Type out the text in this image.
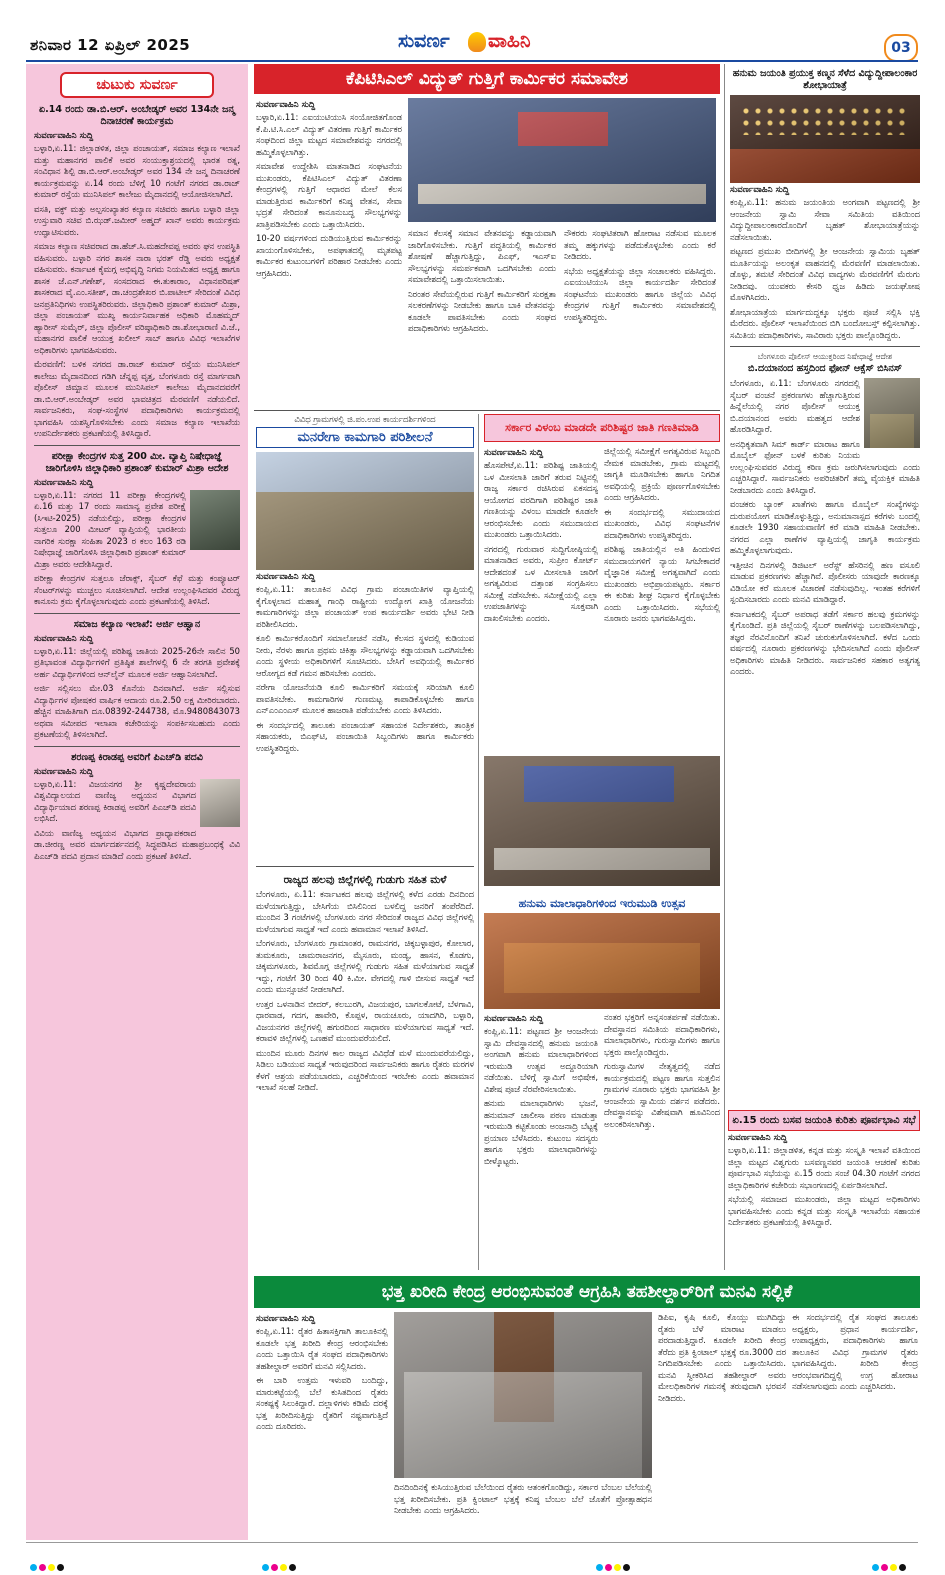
ಶನಿವಾರ 12 ಏಪ್ರಿಲ್ 2025	ಸುವರ್ಣ ವಾಹಿನಿ	03
ಚುಟುಕು ಸುವರ್ಣ
ಏ.14 ರಂದು ಡಾ.ಬಿ.ಆರ್. ಅಂಬೇಡ್ಕರ್ ಅವರ 134ನೇ ಜನ್ಮ ದಿನಾಚರಣೆ ಕಾರ್ಯಕ್ರಮ
ಸುವರ್ಣವಾಹಿನಿ ಸುದ್ದಿ

ಬಳ್ಳಾರಿ,ಏ.11: ಜಿಲ್ಲಾಡಳಿತ, ಜಿಲ್ಲಾ ಪಂಚಾಯತ್, ಸಮಾಜ ಕಲ್ಯಾಣ ಇಲಾಖೆ ಮತ್ತು ಮಹಾನಗರ ಪಾಲಿಕೆ ಅವರ ಸಂಯುಕ್ತಾಶ್ರಯದಲ್ಲಿ ಭಾರತ ರತ್ನ, ಸಂವಿಧಾನ ಶಿಲ್ಪಿ ಡಾ.ಬಿ.ಆರ್.ಅಂಬೇಡ್ಕರ್ ಅವರ 134 ನೇ ಜನ್ಮ ದಿನಾಚರಣೆ ಕಾರ್ಯಕ್ರಮವನ್ನು ಏ.14 ರಂದು ಬೆಳಿಗ್ಗೆ 10 ಗಂಟೆಗೆ ನಗರದ ಡಾ.ರಾಜ್ ಕುಮಾರ್ ರಸ್ತೆಯ ಮುನಿಸಿಪಲ್ ಕಾಲೇಜು ಮೈದಾನದಲ್ಲಿ ಆಯೋಜಿಸಲಾಗಿದೆ.

ವಸತಿ, ವಕ್ಫ್ ಮತ್ತು ಅಲ್ಪಸಂಖ್ಯಾತರ ಕಲ್ಯಾಣ ಸಚಿವರು ಹಾಗೂ ಬಳ್ಳಾರಿ ಜಿಲ್ಲಾ ಉಸ್ತುವಾರಿ ಸಚಿವ ಬಿ.ಝಡ್.ಜಮೀರ್ ಅಹ್ಮದ್ ಖಾನ್ ಅವರು ಕಾರ್ಯಕ್ರಮ ಉದ್ಘಾಟಿಸುವರು.

ಸಮಾಜ ಕಲ್ಯಾಣ ಸಚಿವರಾದ ಡಾ.ಹೆಚ್.ಸಿ.ಮಹದೇವಪ್ಪ ಅವರು ಘನ ಉಪಸ್ಥಿತಿ ವಹಿಸುವರು. ಬಳ್ಳಾರಿ ನಗರ ಶಾಸಕ ನಾರಾ ಭರತ್ ರೆಡ್ಡಿ ಅವರು ಅಧ್ಯಕ್ಷತೆ ವಹಿಸುವರು. ಕರ್ನಾಟಕ ಕೈಮಗ್ಗ ಅಭಿವೃದ್ಧಿ ನಿಗಮ ನಿಯಮಿತದ ಅಧ್ಯಕ್ಷ ಹಾಗೂ ಶಾಸಕ ಜೆ.ಎನ್.ಗಣೇಶ್, ಸಂಸದರಾದ ಈ.ತುಕಾರಾಂ, ವಿಧಾನಪರಿಷತ್ ಶಾಸಕರಾದ ವೈ.ಎಂ.ಸತೀಶ್, ಡಾ.ಚಂದ್ರಶೇಖರ ಬಿ.ಪಾಟೀಲ್ ಸೇರಿದಂತೆ ವಿವಿಧ ಜನಪ್ರತಿನಿಧಿಗಳು ಉಪಸ್ಥಿತರಿರುವರು. ಜಿಲ್ಲಾಧಿಕಾರಿ ಪ್ರಶಾಂತ್ ಕುಮಾರ್ ಮಿಶ್ರಾ, ಜಿಲ್ಲಾ ಪಂಚಾಯತ್ ಮುಖ್ಯ ಕಾರ್ಯನಿರ್ವಾಹಕ ಅಧಿಕಾರಿ ಮೊಹಮ್ಮದ್ ಹ್ಯಾರೀಸ್ ಸುಮೈರ್, ಜಿಲ್ಲಾ ಪೊಲೀಸ್ ವರಿಷ್ಠಾಧಿಕಾರಿ ಡಾ.ಶೋಭಾರಾಣಿ ವಿ.ಜೆ., ಮಹಾನಗರ ಪಾಲಿಕೆ ಆಯುಕ್ತ ಖಲೀಲ್ ಸಾಬ್ ಹಾಗೂ ವಿವಿಧ ಇಲಾಖೆಗಳ ಅಧಿಕಾರಿಗಳು ಭಾಗವಹಿಸುವರು.

ಮೆರವಣಿಗೆ: ಬಳಿಕ ನಗರದ ಡಾ.ರಾಜ್ ಕುಮಾರ್ ರಸ್ತೆಯ ಮುನಿಸಿಪಲ್ ಕಾಲೇಜು ಮೈದಾನದಿಂದ ಗಡಿಗಿ ಚೆನ್ನಪ್ಪ ವೃತ್ತ, ಬೆಂಗಳೂರು ರಸ್ತೆ ಮಾರ್ಗವಾಗಿ ಪೊಲೀಸ್ ಜಿಮ್ಖಾನ ಮೂಲಕ ಮುನಿಸಿಪಲ್ ಕಾಲೇಜು ಮೈದಾನದವರೆಗೆ ಡಾ.ಬಿ.ಆರ್.ಅಂಬೇಡ್ಕರ್ ಅವರ ಭಾವಚಿತ್ರದ ಮೆರವಣಿಗೆ ನಡೆಯಲಿದೆ. ಸಾರ್ವಜನಿಕರು, ಸಂಘ-ಸಂಸ್ಥೆಗಳ ಪದಾಧಿಕಾರಿಗಳು ಕಾರ್ಯಕ್ರಮದಲ್ಲಿ ಭಾಗವಹಿಸಿ ಯಶಸ್ವಿಗೊಳಿಸಬೇಕು ಎಂದು ಸಮಾಜ ಕಲ್ಯಾಣ ಇಲಾಖೆಯ ಉಪನಿರ್ದೇಶಕರು ಪ್ರಕಟಣೆಯಲ್ಲಿ ತಿಳಿಸಿದ್ದಾರೆ.

ಪರೀಕ್ಷಾ ಕೇಂದ್ರಗಳ ಸುತ್ತ 200 ಮೀ. ವ್ಯಾಪ್ತಿ ನಿಷೇಧಾಜ್ಞೆ ಜಾರಿಗೊಳಿಸಿ ಜಿಲ್ಲಾಧಿಕಾರಿ ಪ್ರಶಾಂತ್ ಕುಮಾರ್ ಮಿಶ್ರಾ ಆದೇಶ
ಸುವರ್ಣವಾಹಿನಿ ಸುದ್ದಿ

ಬಳ್ಳಾರಿ,ಏ.11: ನಗರದ 11 ಪರೀಕ್ಷಾ ಕೇಂದ್ರಗಳಲ್ಲಿ ಏ.16 ಮತ್ತು 17 ರಂದು ಸಾಮಾನ್ಯ ಪ್ರವೇಶ ಪರೀಕ್ಷೆ (ಸಿಇಟಿ-2025) ನಡೆಯಲಿದ್ದು, ಪರೀಕ್ಷಾ ಕೇಂದ್ರಗಳ ಸುತ್ತಲೂ 200 ಮೀಟರ್ ವ್ಯಾಪ್ತಿಯಲ್ಲಿ ಭಾರತೀಯ ನಾಗರಿಕ ಸುರಕ್ಷಾ ಸಂಹಿತಾ 2023 ರ ಕಲಂ 163 ರಡಿ ನಿಷೇಧಾಜ್ಞೆ ಜಾರಿಗೊಳಿಸಿ ಜಿಲ್ಲಾಧಿಕಾರಿ ಪ್ರಶಾಂತ್ ಕುಮಾರ್ ಮಿಶ್ರಾ ಅವರು ಆದೇಶಿಸಿದ್ದಾರೆ.

ಪರೀಕ್ಷಾ ಕೇಂದ್ರಗಳ ಸುತ್ತಲೂ ಜೆರಾಕ್ಸ್, ಸೈಬರ್ ಕೆಫೆ ಮತ್ತು ಕಂಪ್ಯೂಟರ್ ಸೆಂಟರ್‌ಗಳನ್ನು ಮುಚ್ಚಲು ಸೂಚಿಸಲಾಗಿದೆ. ಆದೇಶ ಉಲ್ಲಂಘಿಸಿದವರ ವಿರುದ್ಧ ಕಾನೂನು ಕ್ರಮ ಕೈಗೊಳ್ಳಲಾಗುವುದು ಎಂದು ಪ್ರಕಟಣೆಯಲ್ಲಿ ತಿಳಿಸಿದೆ.

ಸಮಾಜ ಕಲ್ಯಾಣ ಇಲಾಖೆ: ಅರ್ಜಿ ಆಹ್ವಾನ
ಸುವರ್ಣವಾಹಿನಿ ಸುದ್ದಿ

ಬಳ್ಳಾರಿ,ಏ.11: ಜಿಲ್ಲೆಯಲ್ಲಿ ಪರಿಶಿಷ್ಟ ಜಾತಿಯ 2025-26ನೇ ಸಾಲಿನ 50 ಪ್ರತಿಭಾವಂತ ವಿದ್ಯಾರ್ಥಿಗಳಿಗೆ ಪ್ರತಿಷ್ಠಿತ ಶಾಲೆಗಳಲ್ಲಿ 6 ನೇ ತರಗತಿ ಪ್ರವೇಶಕ್ಕೆ ಅರ್ಹ ವಿದ್ಯಾರ್ಥಿಗಳಿಂದ ಆನ್‌ಲೈನ್ ಮೂಲಕ ಅರ್ಜಿ ಆಹ್ವಾನಿಸಲಾಗಿದೆ.

ಅರ್ಜಿ ಸಲ್ಲಿಸಲು ಮೇ.03 ಕೊನೆಯ ದಿನವಾಗಿದೆ. ಅರ್ಜಿ ಸಲ್ಲಿಸುವ ವಿದ್ಯಾರ್ಥಿಗಳ ಪೋಷಕರ ವಾರ್ಷಿಕ ಆದಾಯ ರೂ.2.50 ಲಕ್ಷ ಮೀರಿರಬಾರದು. ಹೆಚ್ಚಿನ ಮಾಹಿತಿಗಾಗಿ ದೂ.08392-244738, ಮೊ.9480843073 ಅಥವಾ ಸಮೀಪದ ಇಲಾಖಾ ಕಚೇರಿಯನ್ನು ಸಂಪರ್ಕಿಸಬಹುದು ಎಂದು ಪ್ರಕಟಣೆಯಲ್ಲಿ ತಿಳಿಸಲಾಗಿದೆ.

ಶರಣಪ್ಪ ಕಿರಾಡಪ್ಪ ಅವರಿಗೆ ಪಿಎಚ್‌ಡಿ ಪದವಿ
ಸುವರ್ಣವಾಹಿನಿ ಸುದ್ದಿ

ಬಳ್ಳಾರಿ,ಏ.11: ವಿಜಯನಗರ ಶ್ರೀ ಕೃಷ್ಣದೇವರಾಯ ವಿಶ್ವವಿದ್ಯಾಲಯದ ವಾಣಿಜ್ಯ ಅಧ್ಯಯನ ವಿಭಾಗದ ವಿದ್ಯಾರ್ಥಿಯಾದ ಶರಣಪ್ಪ ಕಿರಾಡಪ್ಪ ಅವರಿಗೆ ಪಿಎಚ್‌ಡಿ ಪದವಿ ಲಭಿಸಿದೆ.

ವಿವಿಯ ವಾಣಿಜ್ಯ ಅಧ್ಯಯನ ವಿಭಾಗದ ಪ್ರಾಧ್ಯಾಪಕರಾದ ಡಾ.ಜೀರಣ್ಣ ಅವರ ಮಾರ್ಗದರ್ಶನದಲ್ಲಿ ಸಿದ್ಧಪಡಿಸಿದ ಮಹಾಪ್ರಬಂಧಕ್ಕೆ ವಿವಿ ಪಿಎಚ್‌ಡಿ ಪದವಿ ಪ್ರದಾನ ಮಾಡಿದೆ ಎಂದು ಪ್ರಕಟಣೆ ತಿಳಿಸಿದೆ.

ಕೆಪಿಟಿಸಿಎಲ್ ವಿದ್ಯುತ್ ಗುತ್ತಿಗೆ ಕಾರ್ಮಿಕರ ಸಮಾವೇಶ
ಸುವರ್ಣವಾಹಿನಿ ಸುದ್ದಿ

ಬಳ್ಳಾರಿ,ಏ.11: ಎಐಯುಟಿಯುಸಿ ಸಂಯೋಜಿತಗೊಂಡ ಕೆ.ಪಿ.ಟಿ.ಸಿ.ಎಲ್ ವಿದ್ಯುತ್ ವಿತರಣಾ ಗುತ್ತಿಗೆ ಕಾರ್ಮಿಕರ ಸಂಘದಿಂದ ಜಿಲ್ಲಾ ಮಟ್ಟದ ಸಮಾವೇಶವನ್ನು ನಗರದಲ್ಲಿ ಹಮ್ಮಿಕೊಳ್ಳಲಾಗಿತ್ತು.

ಸಮಾವೇಶ ಉದ್ದೇಶಿಸಿ ಮಾತನಾಡಿದ ಸಂಘಟನೆಯ ಮುಖಂಡರು, ಕೆಪಿಟಿಸಿಎಲ್ ವಿದ್ಯುತ್ ವಿತರಣಾ ಕೇಂದ್ರಗಳಲ್ಲಿ ಗುತ್ತಿಗೆ ಆಧಾರದ ಮೇಲೆ ಕೆಲಸ ಮಾಡುತ್ತಿರುವ ಕಾರ್ಮಿಕರಿಗೆ ಕನಿಷ್ಠ ವೇತನ, ಸೇವಾ ಭದ್ರತೆ ಸೇರಿದಂತೆ ಕಾನೂನುಬದ್ಧ ಸೌಲಭ್ಯಗಳನ್ನು ಖಾತ್ರಿಪಡಿಸಬೇಕು ಎಂದು ಒತ್ತಾಯಿಸಿದರು.

10-20 ವರ್ಷಗಳಿಂದ ದುಡಿಯುತ್ತಿರುವ ಕಾರ್ಮಿಕರನ್ನು ಖಾಯಂಗೊಳಿಸಬೇಕು, ಅಪಘಾತದಲ್ಲಿ ಮೃತಪಟ್ಟ ಕಾರ್ಮಿಕರ ಕುಟುಂಬಗಳಿಗೆ ಪರಿಹಾರ ನೀಡಬೇಕು ಎಂದು ಆಗ್ರಹಿಸಿದರು.

ಸಮಾನ ಕೆಲಸಕ್ಕೆ ಸಮಾನ ವೇತನವನ್ನು ಕಡ್ಡಾಯವಾಗಿ ಜಾರಿಗೊಳಿಸಬೇಕು. ಗುತ್ತಿಗೆ ಪದ್ಧತಿಯಲ್ಲಿ ಕಾರ್ಮಿಕರ ಶೋಷಣೆ ಹೆಚ್ಚಾಗುತ್ತಿದ್ದು, ಪಿಎಫ್, ಇಎಸ್‌ಐ ಸೌಲಭ್ಯಗಳನ್ನು ಸಮರ್ಪಕವಾಗಿ ಒದಗಿಸಬೇಕು ಎಂದು ಸಮಾವೇಶದಲ್ಲಿ ಒತ್ತಾಯಿಸಲಾಯಿತು.

ನಿರಂತರ ಸೇವೆಯಲ್ಲಿರುವ ಗುತ್ತಿಗೆ ಕಾರ್ಮಿಕರಿಗೆ ಸುರಕ್ಷತಾ ಸಲಕರಣೆಗಳನ್ನು ನೀಡಬೇಕು ಹಾಗೂ ಬಾಕಿ ವೇತನವನ್ನು ಕೂಡಲೇ ಪಾವತಿಸಬೇಕು ಎಂದು ಸಂಘದ ಪದಾಧಿಕಾರಿಗಳು ಆಗ್ರಹಿಸಿದರು.

ನೌಕರರು ಸಂಘಟಿತರಾಗಿ ಹೋರಾಟ ನಡೆಸುವ ಮೂಲಕ ತಮ್ಮ ಹಕ್ಕುಗಳನ್ನು ಪಡೆದುಕೊಳ್ಳಬೇಕು ಎಂದು ಕರೆ ನೀಡಿದರು.

ಸಭೆಯ ಅಧ್ಯಕ್ಷತೆಯನ್ನು ಜಿಲ್ಲಾ ಸಂಚಾಲಕರು ವಹಿಸಿದ್ದರು. ಎಐಯುಟಿಯುಸಿ ಜಿಲ್ಲಾ ಕಾರ್ಯದರ್ಶಿ ಸೇರಿದಂತೆ ಸಂಘಟನೆಯ ಮುಖಂಡರು ಹಾಗೂ ಜಿಲ್ಲೆಯ ವಿವಿಧ ಕೇಂದ್ರಗಳ ಗುತ್ತಿಗೆ ಕಾರ್ಮಿಕರು ಸಮಾವೇಶದಲ್ಲಿ ಉಪಸ್ಥಿತರಿದ್ದರು.

ವಿವಿಧ ಗ್ರಾಮಗಳಲ್ಲಿ ಜಿ.ಪಂ.ಉಪ ಕಾರ್ಯದರ್ಶಿಗಳಿಂದ
ಮನರೇಗಾ ಕಾಮಗಾರಿ ಪರಿಶೀಲನೆ
ಸುವರ್ಣವಾಹಿನಿ ಸುದ್ದಿ

ಕಂಪ್ಲಿ,ಏ.11: ತಾಲೂಕಿನ ವಿವಿಧ ಗ್ರಾಮ ಪಂಚಾಯಿತಿಗಳ ವ್ಯಾಪ್ತಿಯಲ್ಲಿ ಕೈಗೊಳ್ಳಲಾದ ಮಹಾತ್ಮ ಗಾಂಧಿ ರಾಷ್ಟ್ರೀಯ ಉದ್ಯೋಗ ಖಾತ್ರಿ ಯೋಜನೆಯ ಕಾಮಗಾರಿಗಳನ್ನು ಜಿಲ್ಲಾ ಪಂಚಾಯತ್ ಉಪ ಕಾರ್ಯದರ್ಶಿ ಅವರು ಭೇಟಿ ನೀಡಿ ಪರಿಶೀಲಿಸಿದರು.

ಕೂಲಿ ಕಾರ್ಮಿಕರೊಂದಿಗೆ ಸಮಾಲೋಚನೆ ನಡೆಸಿ, ಕೆಲಸದ ಸ್ಥಳದಲ್ಲಿ ಕುಡಿಯುವ ನೀರು, ನೆರಳು ಹಾಗೂ ಪ್ರಥಮ ಚಿಕಿತ್ಸಾ ಸೌಲಭ್ಯಗಳನ್ನು ಕಡ್ಡಾಯವಾಗಿ ಒದಗಿಸಬೇಕು ಎಂದು ಸ್ಥಳೀಯ ಅಧಿಕಾರಿಗಳಿಗೆ ಸೂಚಿಸಿದರು. ಬೇಸಿಗೆ ಅವಧಿಯಲ್ಲಿ ಕಾರ್ಮಿಕರ ಆರೋಗ್ಯದ ಕಡೆ ಗಮನ ಹರಿಸಬೇಕು ಎಂದರು.

ನರೇಗಾ ಯೋಜನೆಯಡಿ ಕೂಲಿ ಕಾರ್ಮಿಕರಿಗೆ ಸಮಯಕ್ಕೆ ಸರಿಯಾಗಿ ಕೂಲಿ ಪಾವತಿಸಬೇಕು. ಕಾಮಗಾರಿಗಳ ಗುಣಮಟ್ಟ ಕಾಪಾಡಿಕೊಳ್ಳಬೇಕು ಹಾಗೂ ಎನ್‌ಎಂಎಂಎಸ್ ಮೂಲಕ ಹಾಜರಾತಿ ಪಡೆಯಬೇಕು ಎಂದು ತಿಳಿಸಿದರು.

ಈ ಸಂದರ್ಭದಲ್ಲಿ ತಾಲೂಕು ಪಂಚಾಯತ್ ಸಹಾಯಕ ನಿರ್ದೇಶಕರು, ತಾಂತ್ರಿಕ ಸಹಾಯಕರು, ಬಿಎಫ್‌ಟಿ, ಪಂಚಾಯಿತಿ ಸಿಬ್ಬಂದಿಗಳು ಹಾಗೂ ಕಾರ್ಮಿಕರು ಉಪಸ್ಥಿತರಿದ್ದರು.

ರಾಜ್ಯದ ಹಲವು ಜಿಲ್ಲೆಗಳಲ್ಲಿ ಗುಡುಗು ಸಹಿತ ಮಳೆ

ಬೆಂಗಳೂರು, ಏ.11: ಕರ್ನಾಟಕದ ಹಲವು ಜಿಲ್ಲೆಗಳಲ್ಲಿ ಕಳೆದ ಎರಡು ದಿನದಿಂದ ಮಳೆಯಾಗುತ್ತಿದ್ದು, ಬೇಸಿಗೆಯ ಬಿಸಿಲಿನಿಂದ ಬಳಲಿದ್ದ ಜನರಿಗೆ ತಂಪೆರೆದಿದೆ. ಮುಂದಿನ 3 ಗಂಟೆಗಳಲ್ಲಿ ಬೆಂಗಳೂರು ನಗರ ಸೇರಿದಂತೆ ರಾಜ್ಯದ ವಿವಿಧ ಜಿಲ್ಲೆಗಳಲ್ಲಿ ಮಳೆಯಾಗುವ ಸಾಧ್ಯತೆ ಇದೆ ಎಂದು ಹವಾಮಾನ ಇಲಾಖೆ ತಿಳಿಸಿದೆ.

ಬೆಂಗಳೂರು, ಬೆಂಗಳೂರು ಗ್ರಾಮಾಂತರ, ರಾಮನಗರ, ಚಿಕ್ಕಬಳ್ಳಾಪುರ, ಕೋಲಾರ, ತುಮಕೂರು, ಚಾಮರಾಜನಗರ, ಮೈಸೂರು, ಮಂಡ್ಯ, ಹಾಸನ, ಕೊಡಗು, ಚಿಕ್ಕಮಗಳೂರು, ಶಿವಮೊಗ್ಗ ಜಿಲ್ಲೆಗಳಲ್ಲಿ ಗುಡುಗು ಸಹಿತ ಮಳೆಯಾಗುವ ಸಾಧ್ಯತೆ ಇದ್ದು, ಗಂಟೆಗೆ 30 ರಿಂದ 40 ಕಿ.ಮೀ. ವೇಗದಲ್ಲಿ ಗಾಳಿ ಬೀಸುವ ಸಾಧ್ಯತೆ ಇದೆ ಎಂದು ಮುನ್ಸೂಚನೆ ನೀಡಲಾಗಿದೆ.

ಉತ್ತರ ಒಳನಾಡಿನ ಬೀದರ್, ಕಲಬುರಗಿ, ವಿಜಯಪುರ, ಬಾಗಲಕೋಟೆ, ಬೆಳಗಾವಿ, ಧಾರವಾಡ, ಗದಗ, ಹಾವೇರಿ, ಕೊಪ್ಪಳ, ರಾಯಚೂರು, ಯಾದಗಿರಿ, ಬಳ್ಳಾರಿ, ವಿಜಯನಗರ ಜಿಲ್ಲೆಗಳಲ್ಲಿ ಹಗುರದಿಂದ ಸಾಧಾರಣ ಮಳೆಯಾಗುವ ಸಾಧ್ಯತೆ ಇದೆ. ಕರಾವಳಿ ಜಿಲ್ಲೆಗಳಲ್ಲಿ ಒಣಹವೆ ಮುಂದುವರೆಯಲಿದೆ.

ಮುಂದಿನ ಮೂರು ದಿನಗಳ ಕಾಲ ರಾಜ್ಯದ ವಿವಿಧೆಡೆ ಮಳೆ ಮುಂದುವರೆಯಲಿದ್ದು, ಸಿಡಿಲು ಬಡಿಯುವ ಸಾಧ್ಯತೆ ಇರುವುದರಿಂದ ಸಾರ್ವಜನಿಕರು ಹಾಗೂ ರೈತರು ಮರಗಳ ಕೆಳಗೆ ಆಶ್ರಯ ಪಡೆಯಬಾರದು, ಎಚ್ಚರಿಕೆಯಿಂದ ಇರಬೇಕು ಎಂದು ಹವಾಮಾನ ಇಲಾಖೆ ಸಲಹೆ ನೀಡಿದೆ.

ಸರ್ಕಾರ ವಿಳಂಬ ಮಾಡದೇ ಪರಿಶಿಷ್ಟರ ಜಾತಿ ಗಣತಿಮಾಡಿ
ಸುವರ್ಣವಾಹಿನಿ ಸುದ್ದಿ

ಹೊಸಪೇಟೆ,ಏ.11: ಪರಿಶಿಷ್ಟ ಜಾತಿಯಲ್ಲಿ ಒಳ ಮೀಸಲಾತಿ ಜಾರಿಗೆ ತರುವ ನಿಟ್ಟಿನಲ್ಲಿ ರಾಜ್ಯ ಸರ್ಕಾರ ರಚಿಸಿರುವ ಏಕಸದಸ್ಯ ಆಯೋಗದ ವರದಿಗಾಗಿ ಪರಿಶಿಷ್ಟರ ಜಾತಿ ಗಣತಿಯನ್ನು ವಿಳಂಬ ಮಾಡದೇ ಕೂಡಲೇ ಆರಂಭಿಸಬೇಕು ಎಂದು ಸಮುದಾಯದ ಮುಖಂಡರು ಒತ್ತಾಯಿಸಿದರು.

ನಗರದಲ್ಲಿ ಗುರುವಾರ ಸುದ್ದಿಗೋಷ್ಠಿಯಲ್ಲಿ ಮಾತನಾಡಿದ ಅವರು, ಸುಪ್ರೀಂ ಕೋರ್ಟ್ ಆದೇಶದಂತೆ ಒಳ ಮೀಸಲಾತಿ ಜಾರಿಗೆ ಅಗತ್ಯವಿರುವ ದತ್ತಾಂಶ ಸಂಗ್ರಹಿಸಲು ಸಮೀಕ್ಷೆ ನಡೆಸಬೇಕು. ಸಮೀಕ್ಷೆಯಲ್ಲಿ ಎಲ್ಲಾ ಉಪಜಾತಿಗಳನ್ನು ಸೂಕ್ತವಾಗಿ ದಾಖಲಿಸಬೇಕು ಎಂದರು.

ಜಿಲ್ಲೆಯಲ್ಲಿ ಸಮೀಕ್ಷೆಗೆ ಅಗತ್ಯವಿರುವ ಸಿಬ್ಬಂದಿ ನೇಮಕ ಮಾಡಬೇಕು, ಗ್ರಾಮ ಮಟ್ಟದಲ್ಲಿ ಜಾಗೃತಿ ಮೂಡಿಸಬೇಕು ಹಾಗೂ ನಿಗದಿತ ಅವಧಿಯಲ್ಲಿ ಪ್ರಕ್ರಿಯೆ ಪೂರ್ಣಗೊಳಿಸಬೇಕು ಎಂದು ಆಗ್ರಹಿಸಿದರು.

ಈ ಸಂದರ್ಭದಲ್ಲಿ ಸಮುದಾಯದ ಮುಖಂಡರು, ವಿವಿಧ ಸಂಘಟನೆಗಳ ಪದಾಧಿಕಾರಿಗಳು ಉಪಸ್ಥಿತರಿದ್ದರು.

ಪರಿಶಿಷ್ಟ ಜಾತಿಯಲ್ಲಿನ ಅತಿ ಹಿಂದುಳಿದ ಸಮುದಾಯಗಳಿಗೆ ನ್ಯಾಯ ಸಿಗಬೇಕಾದರೆ ವೈಜ್ಞಾನಿಕ ಸಮೀಕ್ಷೆ ಅಗತ್ಯವಾಗಿದೆ ಎಂದು ಮುಖಂಡರು ಅಭಿಪ್ರಾಯಪಟ್ಟರು. ಸರ್ಕಾರ ಈ ಕುರಿತು ಶೀಘ್ರ ನಿರ್ಧಾರ ಕೈಗೊಳ್ಳಬೇಕು ಎಂದು ಒತ್ತಾಯಿಸಿದರು. ಸಭೆಯಲ್ಲಿ ನೂರಾರು ಜನರು ಭಾಗವಹಿಸಿದ್ದರು.

ಹನುಮ ಮಾಲಾಧಾರಿಗಳಿಂದ ಇರುಮುಡಿ ಉತ್ಸವ
ಸುವರ್ಣವಾಹಿನಿ ಸುದ್ದಿ

ಕಂಪ್ಲಿ,ಏ.11: ಪಟ್ಟಣದ ಶ್ರೀ ಆಂಜನೇಯ ಸ್ವಾಮಿ ದೇವಸ್ಥಾನದಲ್ಲಿ ಹನುಮ ಜಯಂತಿ ಅಂಗವಾಗಿ ಹನುಮ ಮಾಲಾಧಾರಿಗಳಿಂದ ಇರುಮುಡಿ ಉತ್ಸವ ಅದ್ದೂರಿಯಾಗಿ ನಡೆಯಿತು. ಬೆಳಿಗ್ಗೆ ಸ್ವಾಮಿಗೆ ಅಭಿಷೇಕ, ವಿಶೇಷ ಪೂಜೆ ನೆರವೇರಿಸಲಾಯಿತು.

ಹನುಮ ಮಾಲಾಧಾರಿಗಳು ಭಜನೆ, ಹನುಮಾನ್ ಚಾಲೀಸಾ ಪಠಣ ಮಾಡುತ್ತಾ ಇರುಮುಡಿ ಕಟ್ಟಿಕೊಂಡು ಅಂಜನಾದ್ರಿ ಬೆಟ್ಟಕ್ಕೆ ಪ್ರಯಾಣ ಬೆಳೆಸಿದರು. ಕುಟುಂಬ ಸದಸ್ಯರು ಹಾಗೂ ಭಕ್ತರು ಮಾಲಾಧಾರಿಗಳನ್ನು ಬೀಳ್ಕೊಟ್ಟರು.

ನಂತರ ಭಕ್ತರಿಗೆ ಅನ್ನಸಂತರ್ಪಣೆ ನಡೆಯಿತು. ದೇವಸ್ಥಾನದ ಸಮಿತಿಯ ಪದಾಧಿಕಾರಿಗಳು, ಮಾಲಾಧಾರಿಗಳು, ಗುರುಸ್ವಾಮಿಗಳು ಹಾಗೂ ಭಕ್ತರು ಪಾಲ್ಗೊಂಡಿದ್ದರು.

ಗುರುಸ್ವಾಮಿಗಳ ನೇತೃತ್ವದಲ್ಲಿ ನಡೆದ ಕಾರ್ಯಕ್ರಮದಲ್ಲಿ ಪಟ್ಟಣ ಹಾಗೂ ಸುತ್ತಲಿನ ಗ್ರಾಮಗಳ ನೂರಾರು ಭಕ್ತರು ಭಾಗವಹಿಸಿ ಶ್ರೀ ಆಂಜನೇಯ ಸ್ವಾಮಿಯ ದರ್ಶನ ಪಡೆದರು. ದೇವಸ್ಥಾನವನ್ನು ವಿಶೇಷವಾಗಿ ಹೂವಿನಿಂದ ಅಲಂಕರಿಸಲಾಗಿತ್ತು.

ಹನುಮ ಜಯಂತಿ ಪ್ರಯುಕ್ತ ಕಣ್ಮನ ಸೆಳೆದ ವಿದ್ಯುದ್ದೀಪಾಲಂಕಾರ ಶೋಭಾಯಾತ್ರೆ
ಸುವರ್ಣವಾಹಿನಿ ಸುದ್ದಿ

ಕಂಪ್ಲಿ,ಏ.11: ಹನುಮ ಜಯಂತಿಯ ಅಂಗವಾಗಿ ಪಟ್ಟಣದಲ್ಲಿ ಶ್ರೀ ಆಂಜನೇಯ ಸ್ವಾಮಿ ಸೇವಾ ಸಮಿತಿಯ ವತಿಯಿಂದ ವಿದ್ಯುದ್ದೀಪಾಲಂಕಾರದೊಂದಿಗೆ ಬೃಹತ್ ಶೋಭಾಯಾತ್ರೆಯನ್ನು ನಡೆಸಲಾಯಿತು.

ಪಟ್ಟಣದ ಪ್ರಮುಖ ಬೀದಿಗಳಲ್ಲಿ ಶ್ರೀ ಆಂಜನೇಯ ಸ್ವಾಮಿಯ ಬೃಹತ್ ಮೂರ್ತಿಯನ್ನು ಅಲಂಕೃತ ವಾಹನದಲ್ಲಿ ಮೆರವಣಿಗೆ ಮಾಡಲಾಯಿತು. ಡೊಳ್ಳು, ತಮಟೆ ಸೇರಿದಂತೆ ವಿವಿಧ ವಾದ್ಯಗಳು ಮೆರವಣಿಗೆಗೆ ಮೆರುಗು ನೀಡಿದವು. ಯುವಕರು ಕೇಸರಿ ಧ್ವಜ ಹಿಡಿದು ಜಯಘೋಷ ಮೊಳಗಿಸಿದರು.

ಶೋಭಾಯಾತ್ರೆಯ ಮಾರ್ಗದುದ್ದಕ್ಕೂ ಭಕ್ತರು ಪೂಜೆ ಸಲ್ಲಿಸಿ ಭಕ್ತಿ ಮೆರೆದರು. ಪೊಲೀಸ್ ಇಲಾಖೆಯಿಂದ ಬಿಗಿ ಬಂದೋಬಸ್ತ್ ಕಲ್ಪಿಸಲಾಗಿತ್ತು. ಸಮಿತಿಯ ಪದಾಧಿಕಾರಿಗಳು, ಸಾವಿರಾರು ಭಕ್ತರು ಪಾಲ್ಗೊಂಡಿದ್ದರು.

ಬೆಂಗಳೂರು ಪೊಲೀಸ್ ಆಯುಕ್ತರಿಂದ ನಿಷೇಧಾಜ್ಞೆ ಆದೇಶ
ಬಿ.ದಯಾನಂದ ಹಸ್ತದಿಂದ ಫೋನ್ ಆಕ್ಸೆಸ್ ಬಿಸಿನಸ್

ಬೆಂಗಳೂರು, ಏ.11: ಬೆಂಗಳೂರು ನಗರದಲ್ಲಿ ಸೈಬರ್ ವಂಚನೆ ಪ್ರಕರಣಗಳು ಹೆಚ್ಚಾಗುತ್ತಿರುವ ಹಿನ್ನೆಲೆಯಲ್ಲಿ ನಗರ ಪೊಲೀಸ್ ಆಯುಕ್ತ ಬಿ.ದಯಾನಂದ ಅವರು ಮಹತ್ವದ ಆದೇಶ ಹೊರಡಿಸಿದ್ದಾರೆ.

ಅನಧಿಕೃತವಾಗಿ ಸಿಮ್ ಕಾರ್ಡ್ ಮಾರಾಟ ಹಾಗೂ ಮೊಬೈಲ್ ಫೋನ್ ಬಳಕೆ ಕುರಿತು ನಿಯಮ ಉಲ್ಲಂಘಿಸುವವರ ವಿರುದ್ಧ ಕಠಿಣ ಕ್ರಮ ಜರುಗಿಸಲಾಗುವುದು ಎಂದು ಎಚ್ಚರಿಸಿದ್ದಾರೆ. ಸಾರ್ವಜನಿಕರು ಅಪರಿಚಿತರಿಗೆ ತಮ್ಮ ವೈಯಕ್ತಿಕ ಮಾಹಿತಿ ನೀಡಬಾರದು ಎಂದು ತಿಳಿಸಿದ್ದಾರೆ.

ವಂಚಕರು ಬ್ಯಾಂಕ್ ಖಾತೆಗಳು ಹಾಗೂ ಮೊಬೈಲ್ ಸಂಖ್ಯೆಗಳನ್ನು ದುರುಪಯೋಗ ಮಾಡಿಕೊಳ್ಳುತ್ತಿದ್ದು, ಅನುಮಾನಾಸ್ಪದ ಕರೆಗಳು ಬಂದಲ್ಲಿ ಕೂಡಲೇ 1930 ಸಹಾಯವಾಣಿಗೆ ಕರೆ ಮಾಡಿ ಮಾಹಿತಿ ನೀಡಬೇಕು. ನಗರದ ಎಲ್ಲಾ ಠಾಣೆಗಳ ವ್ಯಾಪ್ತಿಯಲ್ಲಿ ಜಾಗೃತಿ ಕಾರ್ಯಕ್ರಮ ಹಮ್ಮಿಕೊಳ್ಳಲಾಗುವುದು.

ಇತ್ತೀಚಿನ ದಿನಗಳಲ್ಲಿ ಡಿಜಿಟಲ್ ಅರೆಸ್ಟ್ ಹೆಸರಿನಲ್ಲಿ ಹಣ ವಸೂಲಿ ಮಾಡುವ ಪ್ರಕರಣಗಳು ಹೆಚ್ಚಾಗಿವೆ. ಪೊಲೀಸರು ಯಾವುದೇ ಕಾರಣಕ್ಕೂ ವಿಡಿಯೋ ಕರೆ ಮೂಲಕ ವಿಚಾರಣೆ ನಡೆಸುವುದಿಲ್ಲ. ಇಂತಹ ಕರೆಗಳಿಗೆ ಸ್ಪಂದಿಸಬಾರದು ಎಂದು ಮನವಿ ಮಾಡಿದ್ದಾರೆ.

ಕರ್ನಾಟಕದಲ್ಲಿ ಸೈಬರ್ ಅಪರಾಧ ತಡೆಗೆ ಸರ್ಕಾರ ಹಲವು ಕ್ರಮಗಳನ್ನು ಕೈಗೊಂಡಿದೆ. ಪ್ರತಿ ಜಿಲ್ಲೆಯಲ್ಲಿ ಸೈಬರ್ ಠಾಣೆಗಳನ್ನು ಬಲಪಡಿಸಲಾಗಿದ್ದು, ತಜ್ಞರ ನೆರವಿನೊಂದಿಗೆ ತನಿಖೆ ಚುರುಕುಗೊಳಿಸಲಾಗಿದೆ. ಕಳೆದ ಒಂದು ವರ್ಷದಲ್ಲಿ ನೂರಾರು ಪ್ರಕರಣಗಳನ್ನು ಭೇದಿಸಲಾಗಿದೆ ಎಂದು ಪೊಲೀಸ್ ಅಧಿಕಾರಿಗಳು ಮಾಹಿತಿ ನೀಡಿದರು. ಸಾರ್ವಜನಿಕರ ಸಹಕಾರ ಅತ್ಯಗತ್ಯ ಎಂದರು.

ಏ.15 ರಂದು ಬಸವ ಜಯಂತಿ ಕುರಿತು ಪೂರ್ವಭಾವಿ ಸಭೆ
ಸುವರ್ಣವಾಹಿನಿ ಸುದ್ದಿ

ಬಳ್ಳಾರಿ,ಏ.11: ಜಿಲ್ಲಾಡಳಿತ, ಕನ್ನಡ ಮತ್ತು ಸಂಸ್ಕೃತಿ ಇಲಾಖೆ ವತಿಯಿಂದ ಜಿಲ್ಲಾ ಮಟ್ಟದ ವಿಶ್ವಗುರು ಬಸವಣ್ಣನವರ ಜಯಂತಿ ಆಚರಣೆ ಕುರಿತು ಪೂರ್ವಭಾವಿ ಸಭೆಯನ್ನು ಏ.15 ರಂದು ಸಂಜೆ 04.30 ಗಂಟೆಗೆ ನಗರದ ಜಿಲ್ಲಾಧಿಕಾರಿಗಳ ಕಚೇರಿಯ ಸಭಾಂಗಣದಲ್ಲಿ ಏರ್ಪಡಿಸಲಾಗಿದೆ.

ಸಭೆಯಲ್ಲಿ ಸಮಾಜದ ಮುಖಂಡರು, ಜಿಲ್ಲಾ ಮಟ್ಟದ ಅಧಿಕಾರಿಗಳು ಭಾಗವಹಿಸಬೇಕು ಎಂದು ಕನ್ನಡ ಮತ್ತು ಸಂಸ್ಕೃತಿ ಇಲಾಖೆಯ ಸಹಾಯಕ ನಿರ್ದೇಶಕರು ಪ್ರಕಟಣೆಯಲ್ಲಿ ತಿಳಿಸಿದ್ದಾರೆ.

ಭತ್ತ ಖರೀದಿ ಕೇಂದ್ರ ಆರಂಭಿಸುವಂತೆ ಆಗ್ರಹಿಸಿ ತಹಶೀಲ್ದಾರ್‌ರಿಗೆ ಮನವಿ ಸಲ್ಲಿಕೆ
ಸುವರ್ಣವಾಹಿನಿ ಸುದ್ದಿ

ಕಂಪ್ಲಿ,ಏ.11: ರೈತರ ಹಿತಾಸಕ್ತಿಗಾಗಿ ತಾಲೂಕಿನಲ್ಲಿ ಕೂಡಲೇ ಭತ್ತ ಖರೀದಿ ಕೇಂದ್ರ ಆರಂಭಿಸಬೇಕು ಎಂದು ಒತ್ತಾಯಿಸಿ ರೈತ ಸಂಘದ ಪದಾಧಿಕಾರಿಗಳು ತಹಶೀಲ್ದಾರ್ ಅವರಿಗೆ ಮನವಿ ಸಲ್ಲಿಸಿದರು.

ಈ ಬಾರಿ ಉತ್ತಮ ಇಳುವರಿ ಬಂದಿದ್ದು, ಮಾರುಕಟ್ಟೆಯಲ್ಲಿ ಬೆಲೆ ಕುಸಿತದಿಂದ ರೈತರು ಸಂಕಷ್ಟಕ್ಕೆ ಸಿಲುಕಿದ್ದಾರೆ. ದಲ್ಲಾಳಿಗಳು ಕಡಿಮೆ ದರಕ್ಕೆ ಭತ್ತ ಖರೀದಿಸುತ್ತಿದ್ದು ರೈತರಿಗೆ ನಷ್ಟವಾಗುತ್ತಿದೆ ಎಂದು ದೂರಿದರು.

ದಿನದಿಂದಿನಕ್ಕೆ ಕುಸಿಯುತ್ತಿರುವ ಬೆಲೆಯಿಂದ ರೈತರು ಆತಂಕಗೊಂಡಿದ್ದು, ಸರ್ಕಾರ ಬೆಂಬಲ ಬೆಲೆಯಲ್ಲಿ ಭತ್ತ ಖರೀದಿಸಬೇಕು. ಪ್ರತಿ ಕ್ವಿಂಟಾಲ್ ಭತ್ತಕ್ಕೆ ಕನಿಷ್ಠ ಬೆಂಬಲ ಬೆಲೆ ಜೊತೆಗೆ ಪ್ರೋತ್ಸಾಹಧನ ನೀಡಬೇಕು ಎಂದು ಆಗ್ರಹಿಸಿದರು.

ಡಿಪಿಐ, ಕೃಷಿ ಕೂಲಿ, ಕೊಯ್ಲು ಮುಗಿದಿದ್ದು ರೈತರು ಬೆಳೆ ಮಾರಾಟ ಮಾಡಲು ಪರದಾಡುತ್ತಿದ್ದಾರೆ. ಕೂಡಲೇ ಖರೀದಿ ಕೇಂದ್ರ ತೆರೆದು ಪ್ರತಿ ಕ್ವಿಂಟಾಲ್ ಭತ್ತಕ್ಕೆ ರೂ.3000 ದರ ನಿಗದಿಪಡಿಸಬೇಕು ಎಂದು ಒತ್ತಾಯಿಸಿದರು. ಮನವಿ ಸ್ವೀಕರಿಸಿದ ತಹಶೀಲ್ದಾರ್ ಅವರು ಮೇಲಧಿಕಾರಿಗಳ ಗಮನಕ್ಕೆ ತರುವುದಾಗಿ ಭರವಸೆ ನೀಡಿದರು.

ಈ ಸಂದರ್ಭದಲ್ಲಿ ರೈತ ಸಂಘದ ತಾಲೂಕು ಅಧ್ಯಕ್ಷರು, ಪ್ರಧಾನ ಕಾರ್ಯದರ್ಶಿ, ಉಪಾಧ್ಯಕ್ಷರು, ಪದಾಧಿಕಾರಿಗಳು ಹಾಗೂ ತಾಲೂಕಿನ ವಿವಿಧ ಗ್ರಾಮಗಳ ರೈತರು ಭಾಗವಹಿಸಿದ್ದರು. ಖರೀದಿ ಕೇಂದ್ರ ಆರಂಭವಾಗದಿದ್ದಲ್ಲಿ ಉಗ್ರ ಹೋರಾಟ ನಡೆಸಲಾಗುವುದು ಎಂದು ಎಚ್ಚರಿಸಿದರು.
